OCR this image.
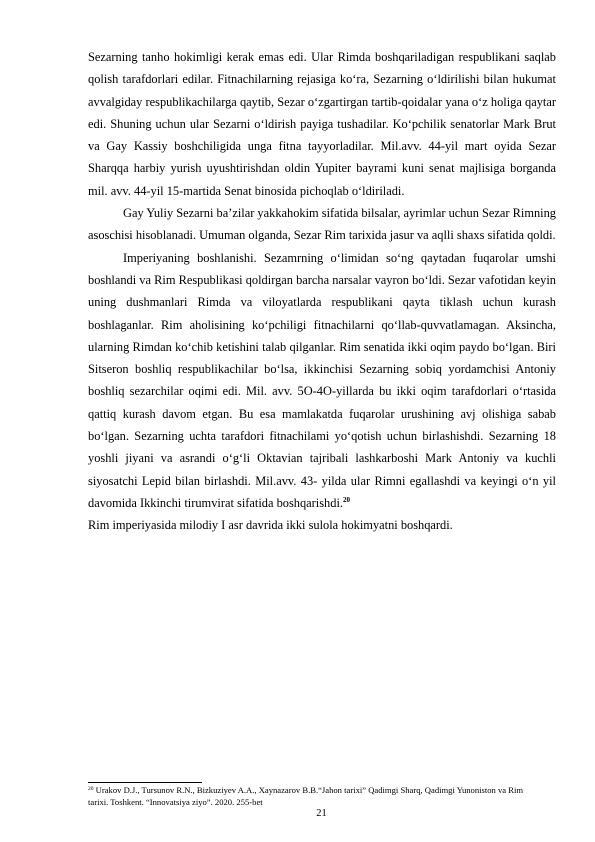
Sezarning tanho hokimligi kerak emas edi. Ular Rimda boshqariladigan respublikani saqlab qolish tarafdorlari edilar. Fitnachilarning rejasiga ko‘ra, Sezarning o‘ldirilishi bilan hukumat avvalgiday respublikachilarga qaytib, Sezar o‘zgartirgan tartib-qoidalar yana o‘z holiga qaytar edi. Shuning uchun ular Sezarni o‘ldirish payiga tushadilar. Ko‘pchilik senatorlar Mark Brut va Gay Kassiy boshchiligida unga fitna tayyorladilar. Mil.avv. 44-yil mart oyida Sezar Sharqqa harbiy yurish uyushtirishdan oldin Yupiter bayrami kuni senat majlisiga borganda mil. avv. 44-yil 15-martida Senat binosida pichoqlab o‘ldiriladi.

Gay Yuliy Sezarni ba’zilar yakkahokim sifatida bilsalar, ayrimlar uchun Sezar Rimning asoschisi hisoblanadi. Umuman olganda, Sezar Rim tarixida jasur va aqlli shaxs sifatida qoldi.

Imperiyaning boshlanishi. Sezamrning o‘limidan so‘ng qaytadan fuqarolar umshi boshlandi va Rim Respublikasi qoldirgan barcha narsalar vayron bo‘ldi. Sezar vafotidan keyin uning dushmanlari Rimda va viloyatlarda respublikani qayta tiklash uchun kurash boshlaganlar. Rim aholisining ko‘pchiligi fitnachilarni qo‘llab-quvvatlamagan. Aksincha, ularning Rimdan ko‘chib ketishini talab qilganlar. Rim senatida ikki oqim paydo bo‘lgan. Biri Sitseron boshliq respublikachilar bo‘lsa, ikkinchisi Sezarning sobiq yordamchisi Antoniy boshliq sezarchilar oqimi edi. Mil. avv. 5O-4O-yillarda bu ikki oqim tarafdorlari o‘rtasida qattiq kurash davom etgan. Bu esa mamlakatda fuqarolar urushining avj olishiga sabab bo‘lgan. Sezarning uchta tarafdori fitnachilami yo‘qotish uchun birlashishdi. Sezarning 18 yoshli jiyani va asrandi o‘g‘li Oktavian tajribali lashkarboshi Mark Antoniy va kuchli siyosatchi Lepid bilan birlashdi. Mil.avv. 43- yilda ular Rimni egallashdi va keyingi o‘n yil davomida Ikkinchi tirumvirat sifatida boshqarishdi.$^{20}$

Rim imperiyasida milodiy I asr davrida ikki sulola hokimyatni boshqardi.

$^{20}$ Urakov D.J., Tursunov R.N., Bizkuziyev A.A., Xaynazarov B.B.“Jahon tarixi” Qadimgi Sharq, Qadimgi Yunoniston va Rim tarixi. Toshkent. “Innovatsiya ziyo”. 2020. 255-bet

21
